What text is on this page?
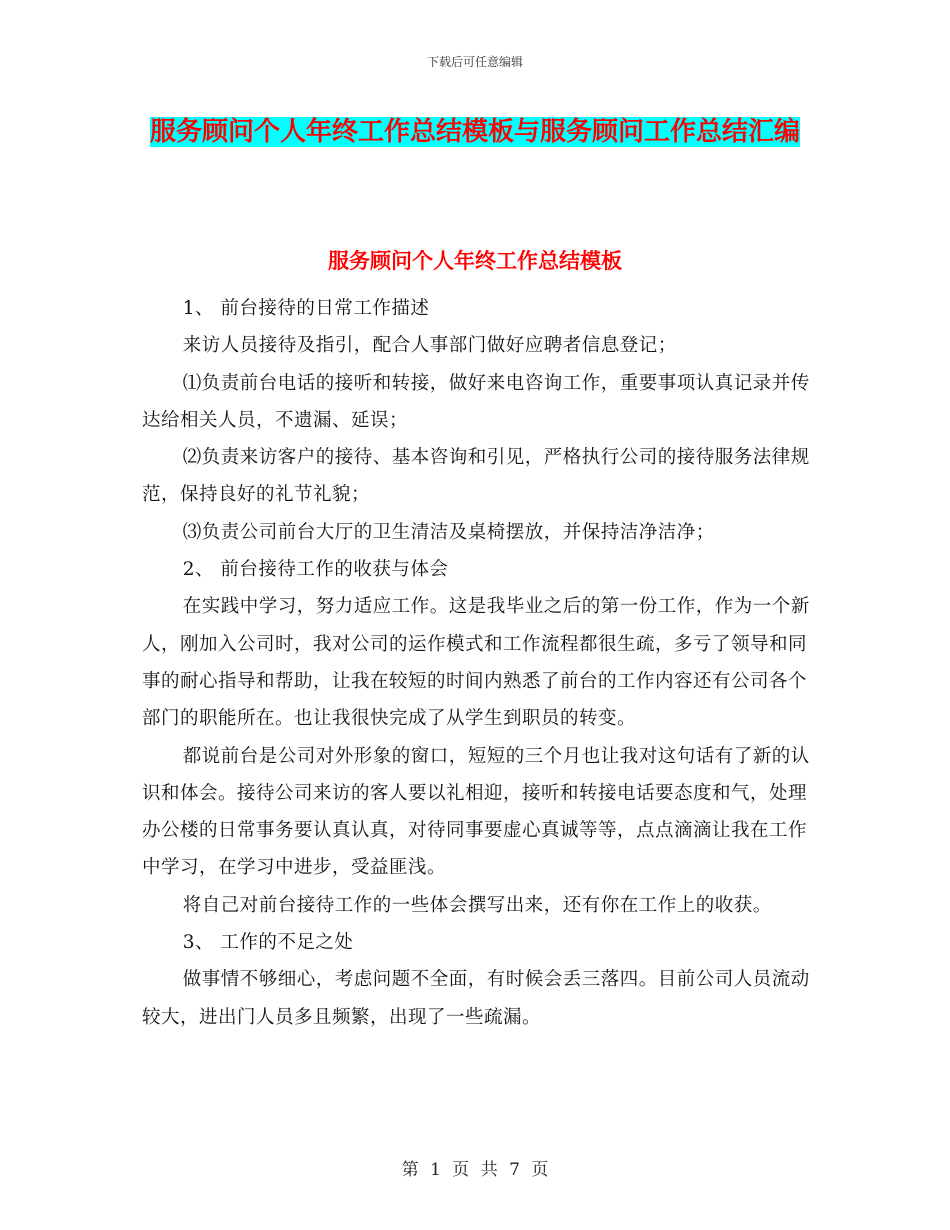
下载后可任意编辑
服务顾问个人年终工作总结模板与服务顾问工作总结汇编
服务顾问个人年终工作总结模板

1、 前台接待的日常工作描述

来访人员接待及指引，配合人事部门做好应聘者信息登记；

⑴负责前台电话的接听和转接，做好来电咨询工作，重要事项认真记录并传达给相关人员，不遗漏、延误；

⑵负责来访客户的接待、基本咨询和引见，严格执行公司的接待服务法律规范，保持良好的礼节礼貌；

⑶负责公司前台大厅的卫生清洁及桌椅摆放，并保持洁净洁净；

2、 前台接待工作的收获与体会

在实践中学习，努力适应工作。这是我毕业之后的第一份工作，作为一个新人，刚加入公司时，我对公司的运作模式和工作流程都很生疏，多亏了领导和同事的耐心指导和帮助，让我在较短的时间内熟悉了前台的工作内容还有公司各个部门的职能所在。也让我很快完成了从学生到职员的转变。

都说前台是公司对外形象的窗口，短短的三个月也让我对这句话有了新的认识和体会。接待公司来访的客人要以礼相迎，接听和转接电话要态度和气，处理办公楼的日常事务要认真认真，对待同事要虚心真诚等等，点点滴滴让我在工作中学习，在学习中进步，受益匪浅。

将自己对前台接待工作的一些体会撰写出来，还有你在工作上的收获。

3、 工作的不足之处

做事情不够细心，考虑问题不全面，有时候会丢三落四。目前公司人员流动较大，进出门人员多且频繁，出现了一些疏漏。

第 1 页 共 7 页
